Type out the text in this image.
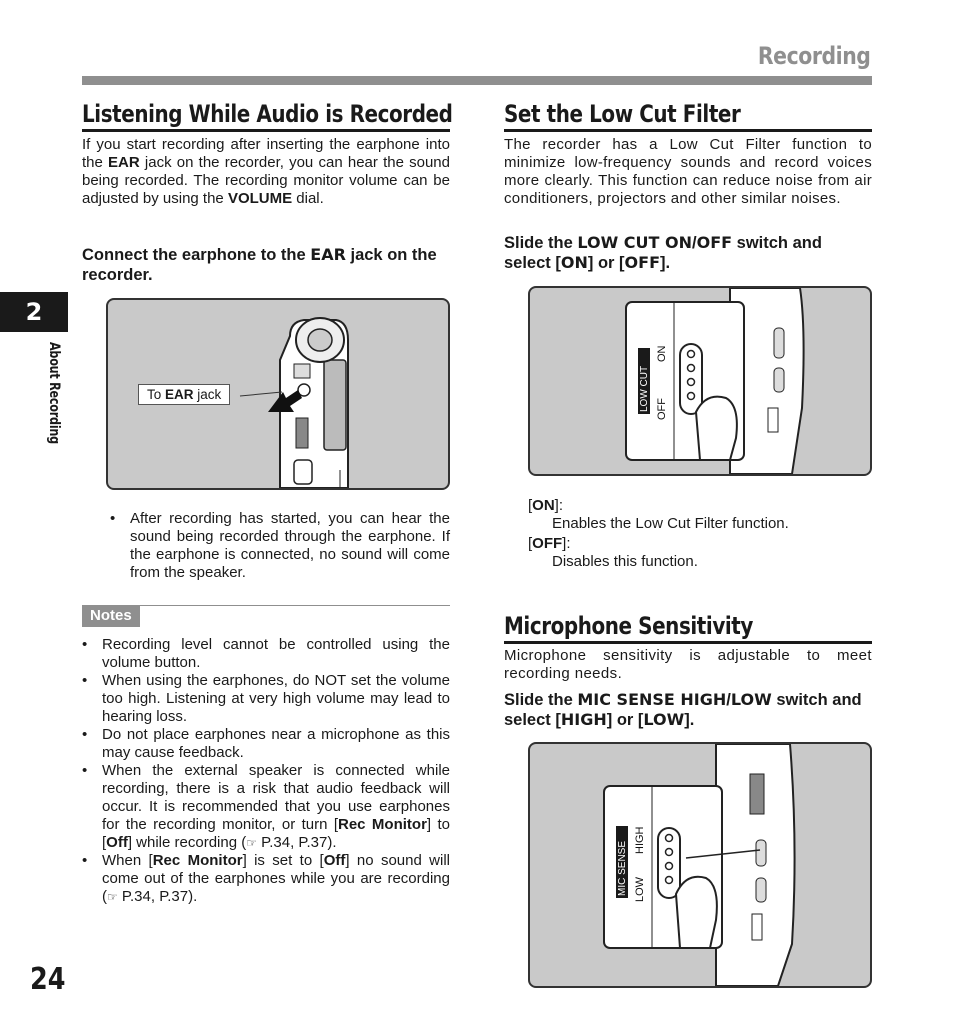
Recording
2
About Recording
24
Listening While Audio is Recorded
If you start recording after inserting the earphone into the EAR jack on the recorder, you can hear the sound being recorded. The recording monitor volume can be adjusted by using the VOLUME dial.
Connect the earphone to the EAR jack on the recorder.
To EAR jack
• After recording has started, you can hear the sound being recorded through the earphone. If the earphone is connected, no sound will come from the speaker.
Notes
• Recording level cannot be controlled using the volume button.
• When using the earphones, do NOT set the volume too high. Listening at very high volume may lead to hearing loss.
• Do not place earphones near a microphone as this may cause feedback.
• When the external speaker is connected while recording, there is a risk that audio feedback will occur. It is recommended that you use earphones for the recording monitor, or turn [Rec Monitor] to [Off] while recording (☞ P.34, P.37).
• When [Rec Monitor] is set to [Off] no sound will come out of the earphones while you are recording (☞ P.34, P.37).
Set the Low Cut Filter
The recorder has a Low Cut Filter function to minimize low-frequency sounds and record voices more clearly. This function can reduce noise from air conditioners, projectors and other similar noises.
Slide the LOW CUT ON/OFF switch and select [ON] or [OFF].
LOW CUT OFF
ON
[ON]:
Enables the Low Cut Filter function.
[OFF]:
Disables this function.
Microphone Sensitivity
Microphone sensitivity is adjustable to meet recording needs.
Slide the MIC SENSE HIGH/LOW switch and select [HIGH] or [LOW].
MIC SENSE LOW
HIGH
